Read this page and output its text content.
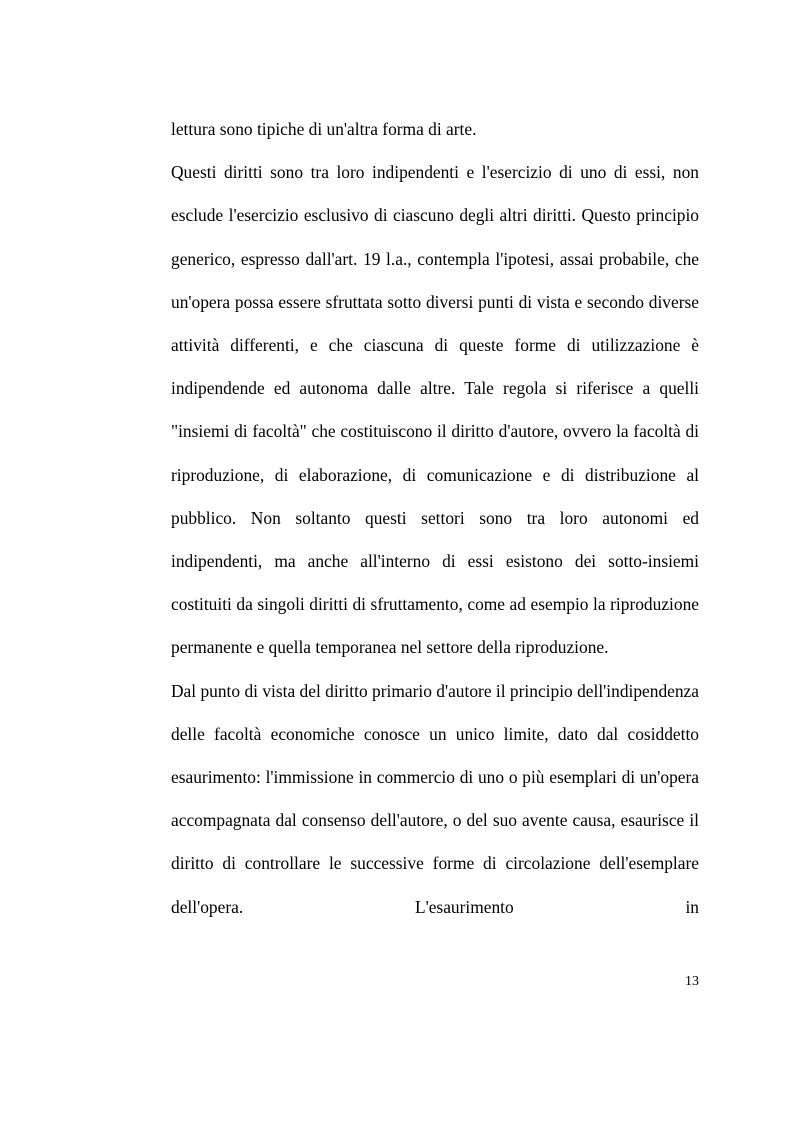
lettura sono tipiche di un'altra forma di arte.

Questi diritti sono tra loro indipendenti e l'esercizio di uno di essi, non esclude l'esercizio esclusivo di ciascuno degli altri diritti. Questo principio generico, espresso dall'art. 19 l.a., contempla l'ipotesi, assai probabile, che un'opera possa essere sfruttata sotto diversi punti di vista e secondo diverse attività differenti, e che ciascuna di queste forme di utilizzazione è indipendende ed autonoma dalle altre. Tale regola si riferisce a quelli "insiemi di facoltà" che costituiscono il diritto d'autore, ovvero la facoltà di riproduzione, di elaborazione, di comunicazione e di distribuzione al pubblico. Non soltanto questi settori sono tra loro autonomi ed indipendenti, ma anche all'interno di essi esistono dei sotto-insiemi costituiti da singoli diritti di sfruttamento, come ad esempio la riproduzione permanente e quella temporanea nel settore della riproduzione.

Dal punto di vista del diritto primario d'autore il principio dell'indipendenza delle facoltà economiche conosce un unico limite, dato dal cosiddetto esaurimento: l'immissione in commercio di uno o più esemplari di un'opera accompagnata dal consenso dell'autore, o del suo avente causa, esaurisce il diritto di controllare le successive forme di circolazione dell'esemplare dell'opera. L'esaurimento in

13
